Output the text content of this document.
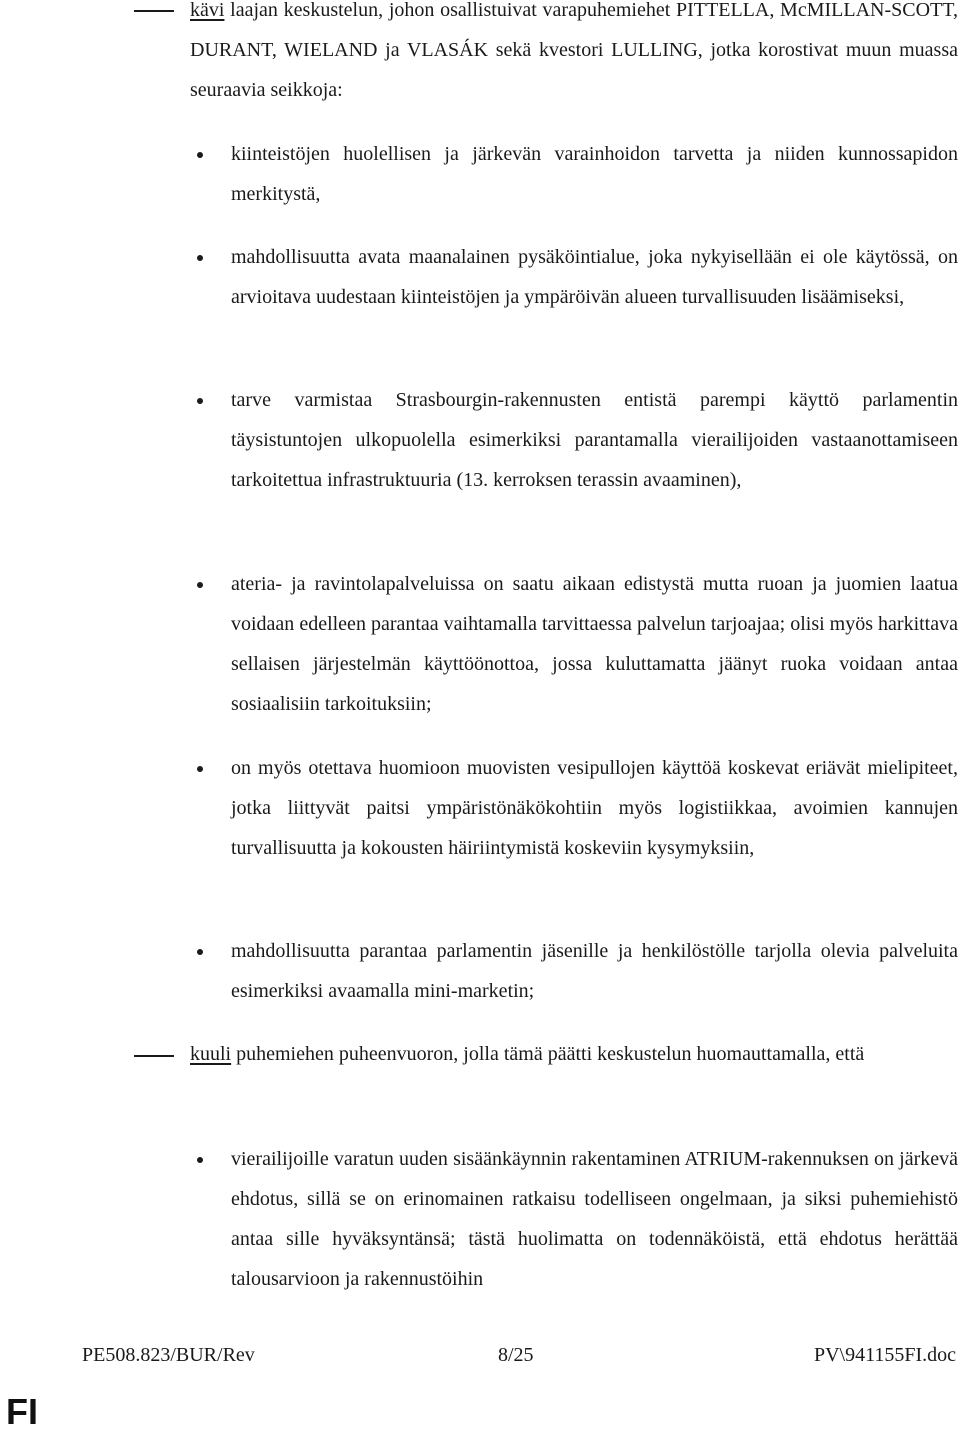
kävi laajan keskustelun, johon osallistuivat varapuhemiehet PITTELLA, McMILLAN-SCOTT, DURANT, WIELAND ja VLASÁK sekä kvestori LULLING, jotka korostivat muun muassa seuraavia seikkoja:
kiinteistöjen huolellisen ja järkevän varainhoidon tarvetta ja niiden kunnossapidon merkitystä,
mahdollisuutta avata maanalainen pysäköintialue, joka nykyisellään ei ole käytössä, on arvioitava uudestaan kiinteistöjen ja ympäröivän alueen turvallisuuden lisäämiseksi,
tarve varmistaa Strasbourgin-rakennusten entistä parempi käyttö parlamentin täysistuntojen ulkopuolella esimerkiksi parantamalla vierailijoiden vastaanottamiseen tarkoitettua infrastruktuuria (13. kerroksen terassin avaaminen),
ateria- ja ravintolapalveluissa on saatu aikaan edistystä mutta ruoan ja juomien laatua voidaan edelleen parantaa vaihtamalla tarvittaessa palvelun tarjoajaa; olisi myös harkittava sellaisen järjestelmän käyttöönottoa, jossa kuluttamatta jäänyt ruoka voidaan antaa sosiaalisiin tarkoituksiin;
on myös otettava huomioon muovisten vesipullojen käyttöä koskevat eriävät mielipiteet, jotka liittyvät paitsi ympäristönäkökohtiin myös logistiikkaa, avoimien kannujen turvallisuutta ja kokousten häiriintymistä koskeviin kysymyksiin,
mahdollisuutta parantaa parlamentin jäsenille ja henkilöstölle tarjolla olevia palveluita esimerkiksi avaamalla mini-marketin;
kuuli puhemiehen puheenvuoron, jolla tämä päätti keskustelun huomauttamalla, että
vierailijoille varatun uuden sisäänkäynnin rakentaminen ATRIUM-rakennuksen on järkevä ehdotus, sillä se on erinomainen ratkaisu todelliseen ongelmaan, ja siksi puhemiehistö antaa sille hyväksyntänsä; tästä huolimatta on todennäköistä, että ehdotus herättää talousarvioon ja rakennustöihin
PE508.823/BUR/Rev	8/25	PV\941155FI.doc
FI
